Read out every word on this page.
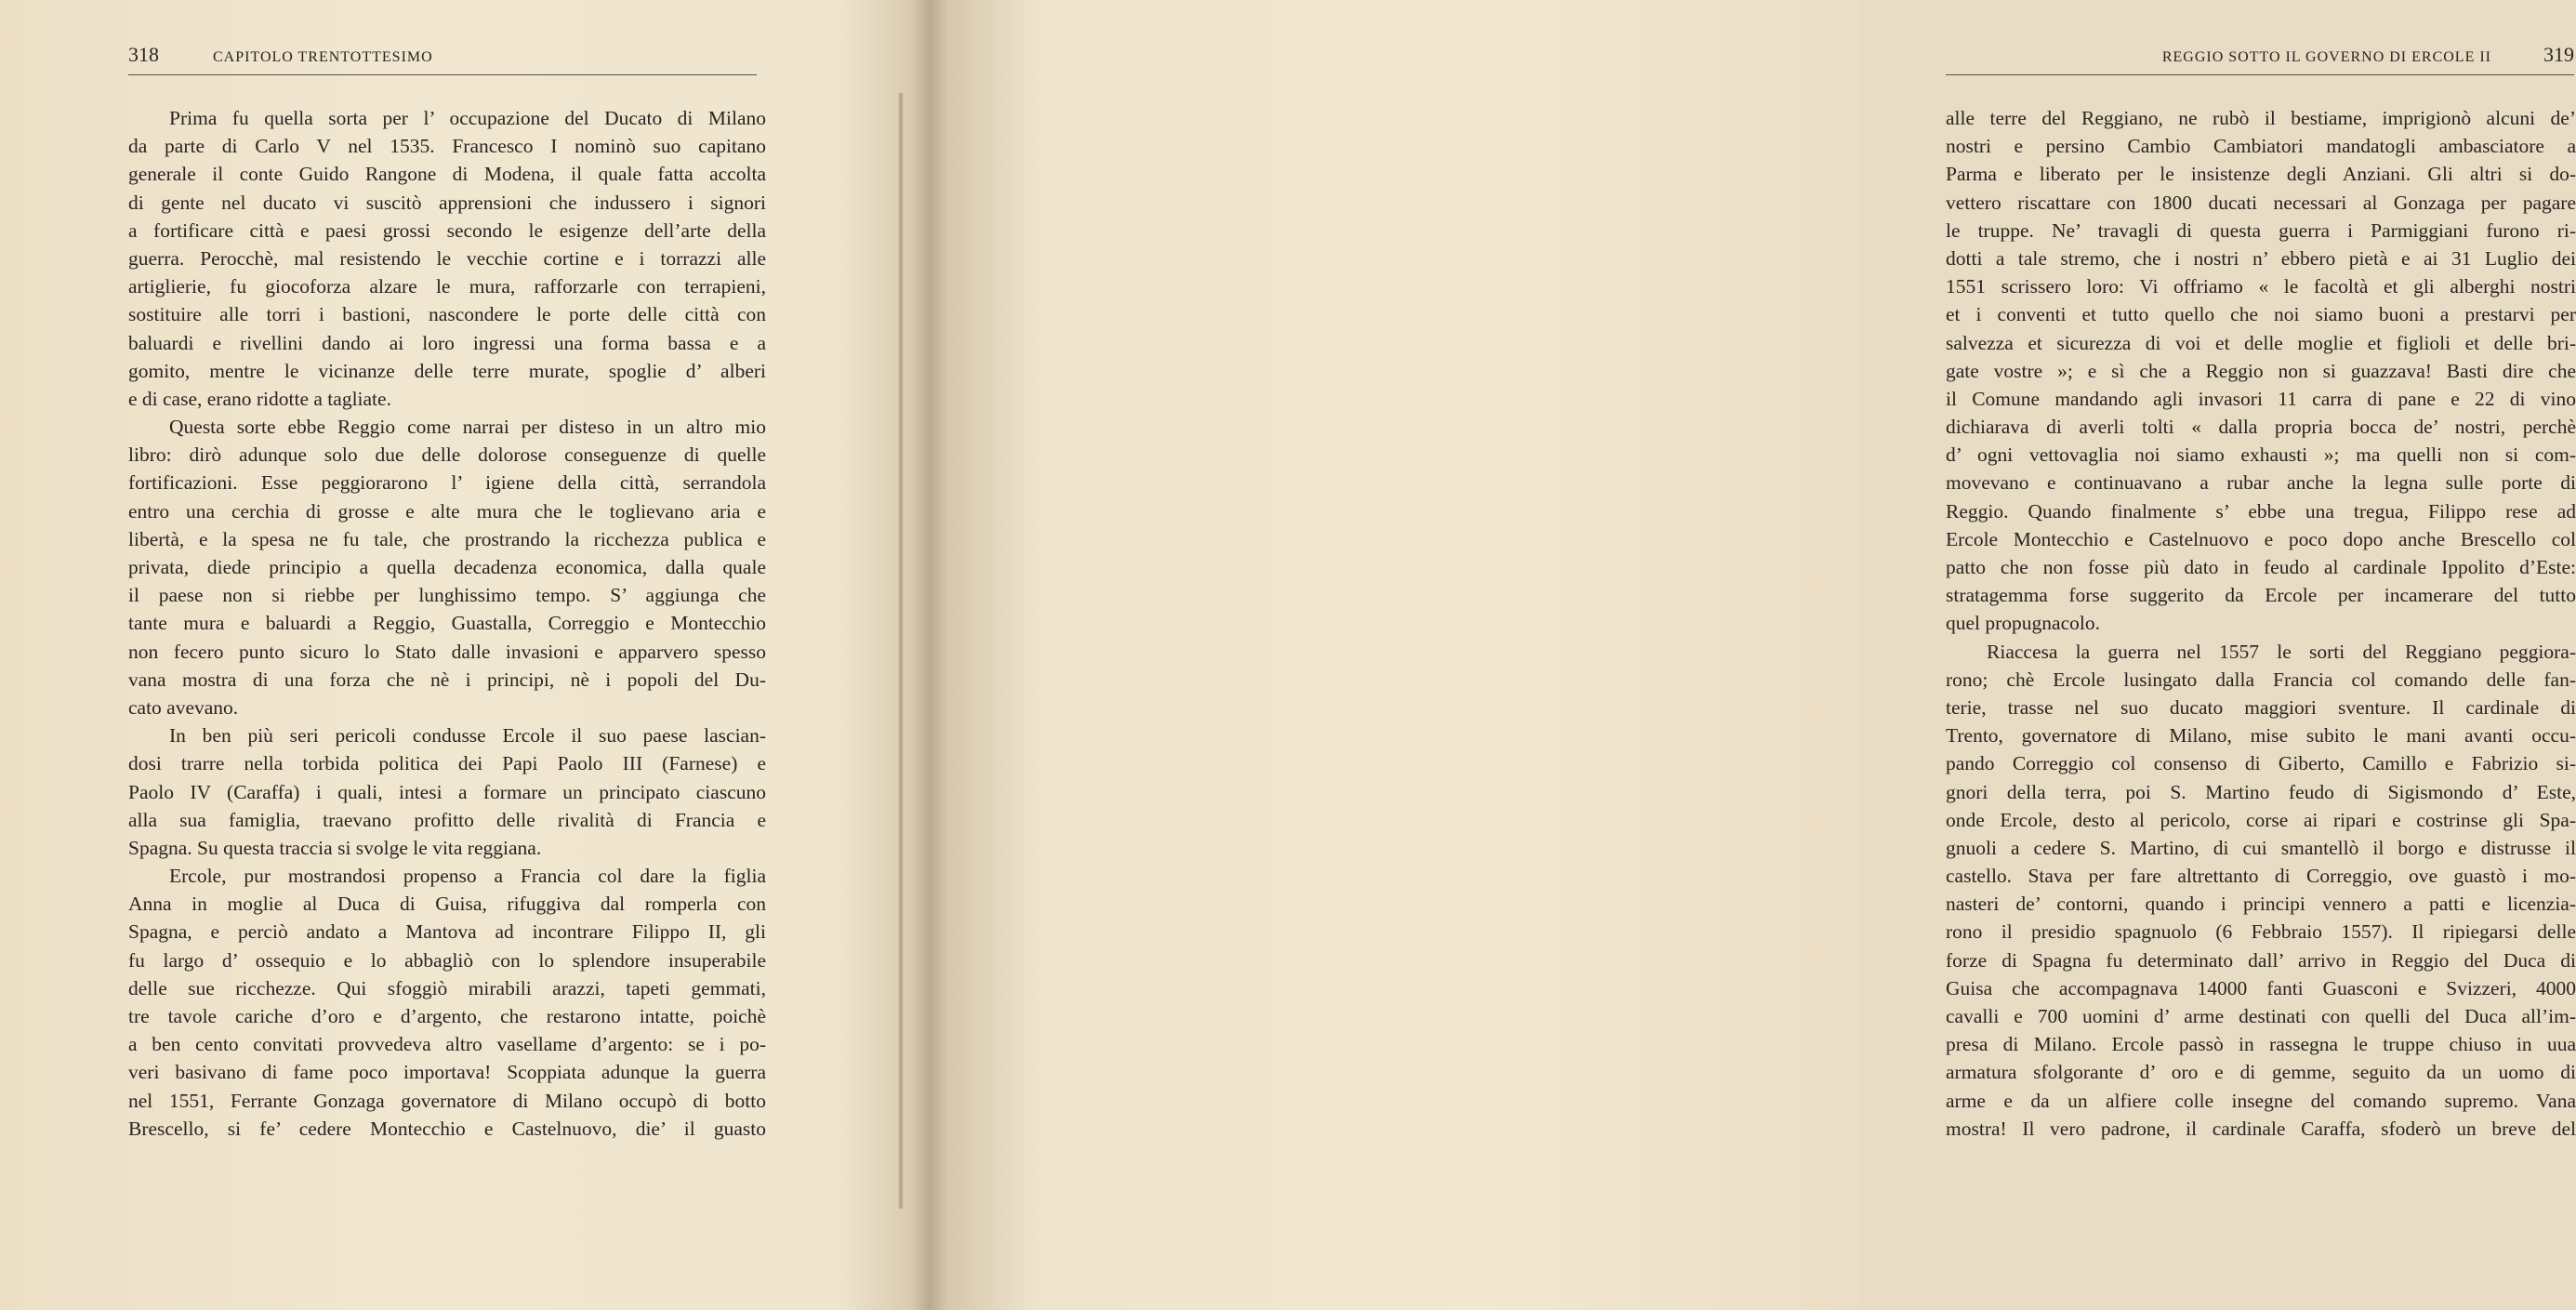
318	CAPITOLO TRENTOTTESIMO
Prima fu quella sorta per l’ occupazione del Ducato di Milano
da parte di Carlo V nel 1535. Francesco I nominò suo capitano
generale il conte Guido Rangone di Modena, il quale fatta accolta
di gente nel ducato vi suscitò apprensioni che indussero i signori
a fortificare città e paesi grossi secondo le esigenze dell’arte della
guerra. Perocchè, mal resistendo le vecchie cortine e i torrazzi alle
artiglierie, fu giocoforza alzare le mura, rafforzarle con terrapieni,
sostituire alle torri i bastioni, nascondere le porte delle città con
baluardi e rivellini dando ai loro ingressi una forma bassa e a
gomito, mentre le vicinanze delle terre murate, spoglie d’ alberi
e di case, erano ridotte a tagliate.
Questa sorte ebbe Reggio come narrai per disteso in un altro mio
libro: dirò adunque solo due delle dolorose conseguenze di quelle
fortificazioni. Esse peggiorarono l’ igiene della città, serrandola
entro una cerchia di grosse e alte mura che le toglievano aria e
libertà, e la spesa ne fu tale, che prostrando la ricchezza publica e
privata, diede principio a quella decadenza economica, dalla quale
il paese non si riebbe per lunghissimo tempo. S’ aggiunga che
tante mura e baluardi a Reggio, Guastalla, Correggio e Montecchio
non fecero punto sicuro lo Stato dalle invasioni e apparvero spesso
vana mostra di una forza che nè i principi, nè i popoli del Du-
cato avevano.
In ben più seri pericoli condusse Ercole il suo paese lascian-
dosi trarre nella torbida politica dei Papi Paolo III (Farnese) e
Paolo IV (Caraffa) i quali, intesi a formare un principato ciascuno
alla sua famiglia, traevano profitto delle rivalità di Francia e
Spagna. Su questa traccia si svolge le vita reggiana.
Ercole, pur mostrandosi propenso a Francia col dare la figlia
Anna in moglie al Duca di Guisa, rifuggiva dal romperla con
Spagna, e perciò andato a Mantova ad incontrare Filippo II, gli
fu largo d’ ossequio e lo abbagliò con lo splendore insuperabile
delle sue ricchezze. Qui sfoggiò mirabili arazzi, tapeti gemmati,
tre tavole cariche d’oro e d’argento, che restarono intatte, poichè
a ben cento convitati provvedeva altro vasellame d’argento: se i po-
veri basivano di fame poco importava! Scoppiata adunque la guerra
nel 1551, Ferrante Gonzaga governatore di Milano occupò di botto
Brescello, si fe’ cedere Montecchio e Castelnuovo, die’ il guasto
REGGIO SOTTO IL GOVERNO DI ERCOLE II	319
alle terre del Reggiano, ne rubò il bestiame, imprigionò alcuni de’
nostri e persino Cambio Cambiatori mandatogli ambasciatore a
Parma e liberato per le insistenze degli Anziani. Gli altri si do-
vettero riscattare con 1800 ducati necessari al Gonzaga per pagare
le truppe. Ne’ travagli di questa guerra i Parmiggiani furono ri-
dotti a tale stremo, che i nostri n’ ebbero pietà e ai 31 Luglio dei
1551 scrissero loro: Vi offriamo « le facoltà et gli alberghi nostri
et i conventi et tutto quello che noi siamo buoni a prestarvi per
salvezza et sicurezza di voi et delle moglie et figlioli et delle bri-
gate vostre »; e sì che a Reggio non si guazzava! Basti dire che
il Comune mandando agli invasori 11 carra di pane e 22 di vino
dichiarava di averli tolti « dalla propria bocca de’ nostri, perchè
d’ ogni vettovaglia noi siamo exhausti »; ma quelli non si com-
movevano e continuavano a rubar anche la legna sulle porte di
Reggio. Quando finalmente s’ ebbe una tregua, Filippo rese ad
Ercole Montecchio e Castelnuovo e poco dopo anche Brescello col
patto che non fosse più dato in feudo al cardinale Ippolito d’Este:
stratagemma forse suggerito da Ercole per incamerare del tutto
quel propugnacolo.
Riaccesa la guerra nel 1557 le sorti del Reggiano peggiora-
rono; chè Ercole lusingato dalla Francia col comando delle fan-
terie, trasse nel suo ducato maggiori sventure. Il cardinale di
Trento, governatore di Milano, mise subito le mani avanti occu-
pando Correggio col consenso di Giberto, Camillo e Fabrizio si-
gnori della terra, poi S. Martino feudo di Sigismondo d’ Este,
onde Ercole, desto al pericolo, corse ai ripari e costrinse gli Spa-
gnuoli a cedere S. Martino, di cui smantellò il borgo e distrusse il
castello. Stava per fare altrettanto di Correggio, ove guastò i mo-
nasteri de’ contorni, quando i principi vennero a patti e licenzia-
rono il presidio spagnuolo (6 Febbraio 1557). Il ripiegarsi delle
forze di Spagna fu determinato dall’ arrivo in Reggio del Duca di
Guisa che accompagnava 14000 fanti Guasconi e Svizzeri, 4000
cavalli e 700 uomini d’ arme destinati con quelli del Duca all’im-
presa di Milano. Ercole passò in rassegna le truppe chiuso in uua
armatura sfolgorante d’ oro e di gemme, seguito da un uomo di
arme e da un alfiere colle insegne del comando supremo. Vana
mostra! Il vero padrone, il cardinale Caraffa, sfoderò un breve del
